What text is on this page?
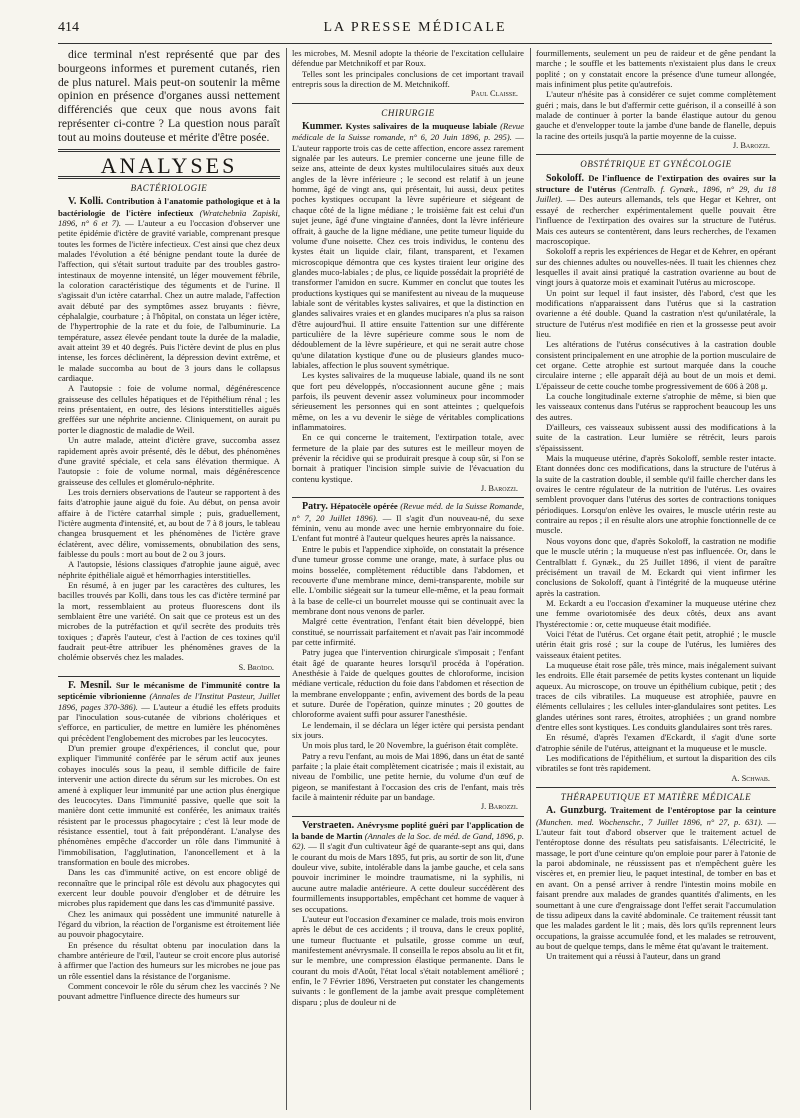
414	LA PRESSE MÉDICALE

dice terminal n'est représenté que par des bourgeons informes et purement cutanés, rien de plus naturel. Mais peut-on soutenir la même opinion en présence d'organes aussi nettement différenciés que ceux que nous avons fait représenter ci-contre ? La question nous paraît tout au moins douteuse et mérite d'être posée.

ANALYSES
BACTÉRIOLOGIE

V. Kolli. Contribution à l'anatomie pathologique et à la bactériologie de l'ictère infectieux (Wratchebnïa Zapiski, 1896, n° 6 et 7). — L'auteur a eu l'occasion d'observer une petite épidémie d'ictère de gravité variable, comprenant presque toutes les formes de l'ictère infectieux. C'est ainsi que chez deux malades l'évolution a été bénigne pendant toute la durée de l'affection, qui s'était surtout traduite par des troubles gastro-intestinaux de moyenne intensité, un léger mouvement fébrile, la coloration caractéristique des téguments et de l'urine. Il s'agissait d'un ictère catarrhal. Chez un autre malade, l'affection avait débuté par des symptômes assez bruyants : fièvre, céphalalgie, courbature ; à l'hôpital, on constata un léger ictère, de l'hypertrophie de la rate et du foie, de l'albuminurie. La température, assez élevée pendant toute la durée de la maladie, avait atteint 39 et 40 degrés. Puis l'ictère devint de plus en plus intense, les forces déclinèrent, la dépression devint extrême, et le malade succomba au bout de 3 jours dans le collapsus cardiaque.

A l'autopsie : foie de volume normal, dégénérescence graisseuse des cellules hépatiques et de l'épithélium rénal ; les reins présentaient, en outre, des lésions interstitielles aiguës greffées sur une néphrite ancienne. Cliniquement, on aurait pu porter le diagnostic de maladie de Weil.

Un autre malade, atteint d'ictère grave, succomba assez rapidement après avoir présenté, dès le début, des phénomènes d'une gravité spéciale, et cela sans élévation thermique. A l'autopsie : foie de volume normal, mais dégénérescence graisseuse des cellules et glomérulo-néphrite.

Les trois derniers observations de l'auteur se rapportent à des faits d'atrophie jaune aiguë du foie. Au début, on pensa avoir affaire à de l'ictère catarrhal simple ; puis, graduellement, l'ictère augmenta d'intensité, et, au bout de 7 à 8 jours, le tableau changea brusquement et les phénomènes de l'ictère grave éclatèrent, avec délire, vomissements, obnubilation des sens, faiblesse du pouls : mort au bout de 2 ou 3 jours.

A l'autopsie, lésions classiques d'atrophie jaune aiguë, avec néphrite épithéliale aiguë et hémorrhagies interstitielles.

En résumé, à en juger par les caractères des cultures, les bacilles trouvés par Kolli, dans tous les cas d'ictère terminé par la mort, ressemblaient au proteus fluorescens dont ils semblaient être une variété. On sait que ce proteus est un des microbes de la putréfaction et qu'il secrète des produits très toxiques ; d'après l'auteur, c'est à l'action de ces toxines qu'il faudrait peut-être attribuer les phénomènes graves de la cholémie observés chez les malades.

S. Broïdo.

F. Mesnil. Sur le mécanisme de l'immunité contre la septicémie vibrionienne (Annales de l'Institut Pasteur, Juillet 1896, pages 370-386). — L'auteur a étudié les effets produits par l'inoculation sous-cutanée de vibrions cholériques et s'efforce, en particulier, de mettre en lumière les phénomènes qui précèdent l'englobement des microbes par les leucocytes.

D'un premier groupe d'expériences, il conclut que, pour expliquer l'immunité conférée par le sérum actif aux jeunes cobayes inoculés sous la peau, il semble difficile de faire intervenir une action directe du sérum sur les microbes. On est amené à expliquer leur immunité par une action plus énergique des leucocytes. Dans l'immunité passive, quelle que soit la manière dont cette immunité est conférée, les animaux traités résistent par le processus phagocytaire ; c'est là leur mode de résistance essentiel, tout à fait prépondérant. L'analyse des phénomènes empêche d'accorder un rôle dans l'immunité à l'immobilisation, l'agglutination, l'anoncellement et à la transformation en boule des microbes.

Dans les cas d'immunité active, on est encore obligé de reconnaître que le principal rôle est dévolu aux phagocytes qui exercent leur double pouvoir d'englober et de détruire les microbes plus rapidement que dans les cas d'immunité passive.

Chez les animaux qui possèdent une immunité naturelle à l'égard du vibrion, la réaction de l'organisme est étroitement liée au pouvoir phagocytaire.

En présence du résultat obtenu par inoculation dans la chambre antérieure de l'œil, l'auteur se croit encore plus autorisé à affirmer que l'action des humeurs sur les microbes ne joue pas un rôle essentiel dans la résistance de l'organisme.

Comment concevoir le rôle du sérum chez les vaccinés ? Ne pouvant admettre l'influence directe des humeurs sur

les microbes, M. Mesnil adopte la théorie de l'excitation cellulaire défendue par Metchnikoff et par Roux.

Telles sont les principales conclusions de cet important travail entrepris sous la direction de M. Metchnikoff.

Paul Claisse.
CHIRURGIE

Kummer. Kystes salivaires de la muqueuse labiale (Revue médicale de la Suisse romande, n° 6, 20 Juin 1896, p. 295). — L'auteur rapporte trois cas de cette affection, encore assez rarement signalée par les auteurs. Le premier concerne une jeune fille de seize ans, atteinte de deux kystes multiloculaires situés aux deux angles de la lèvre inférieure ; le second est relatif à un jeune homme, âgé de vingt ans, qui présentait, lui aussi, deux petites poches kystiques occupant la lèvre supérieure et siégeant de chaque côté de la ligne médiane ; le troisième fait est celui d'un sujet jeune, âgé d'une vingtaine d'années, dont la lèvre inférieure offrait, à gauche de la ligne médiane, une petite tumeur liquide du volume d'une noisette. Chez ces trois individus, le contenu des kystes était un liquide clair, filant, transparent, et l'examen microscopique démontra que ces kystes tiraient leur origine des glandes muco-labiales ; de plus, ce liquide possédait la propriété de transformer l'amidon en sucre. Kummer en conclut que toutes les productions kystiques qui se manifestent au niveau de la muqueuse labiale sont de véritables kystes salivaires, et que la distinction en glandes salivaires vraies et en glandes mucipares n'a plus sa raison d'être aujourd'hui. Il attire ensuite l'attention sur une différente particulière de la lèvre supérieure comme sous le nom de dédoublement de la lèvre supérieure, et qui ne serait autre chose qu'une dilatation kystique d'une ou de plusieurs glandes muco-labiales, affection le plus souvent symétrique.

Les kystes salivaires de la muqueuse labiale, quand ils ne sont que fort peu développés, n'occasionnent aucune gêne ; mais parfois, ils peuvent devenir assez volumineux pour incommoder sérieusement les personnes qui en sont atteintes ; quelquefois même, on les a vu devenir le siège de véritables complications inflammatoires.

En ce qui concerne le traitement, l'extirpation totale, avec fermeture de la plaie par des sutures est le meilleur moyen de prévenir la récidive qui se produirait presque à coup sûr, si l'on se bornait à pratiquer l'incision simple suivie de l'évacuation du contenu kystique.

J. Barozzi.

Patry. Hépatocèle opérée (Revue méd. de la Suisse Romande, n° 7, 20 Juillet 1896). — Il s'agit d'un nouveau-né, du sexe féminin, venu au monde avec une hernie embryonnaire du foie. L'enfant fut montré à l'auteur quelques heures après la naissance.

Entre le pubis et l'appendice xiphoïde, on constatait la présence d'une tumeur grosse comme une orange, mate, à surface plus ou moins bosselée, complètement réductible dans l'abdomen, et recouverte d'une membrane mince, demi-transparente, mobile sur elle. L'ombilic siégeait sur la tumeur elle-même, et la peau formait à la base de celle-ci un bourrelet mousse qui se continuait avec la membrane dont nous venons de parler.

Malgré cette éventration, l'enfant était bien développé, bien constitué, se nourrissait parfaitement et n'avait pas l'air incommodé par cette infirmité.

Patry jugea que l'intervention chirurgicale s'imposait ; l'enfant était âgé de quarante heures lorsqu'il procéda à l'opération. Anesthésie à l'aide de quelques gouttes de chloroforme, incision médiane verticale, réduction du foie dans l'abdomen et résection de la membrane enveloppante ; enfin, avivement des bords de la peau et suture. Durée de l'opération, quinze minutes ; 20 gouttes de chloroforme avaient suffi pour assurer l'anesthésie.

Le lendemain, il se déclara un léger ictère qui persista pendant six jours.

Un mois plus tard, le 20 Novembre, la guérison était complète.

Patry a revu l'enfant, au mois de Mai 1896, dans un état de santé parfaite ; la plaie était complètement cicatrisée ; mais il existait, au niveau de l'ombilic, une petite hernie, du volume d'un œuf de pigeon, se manifestant à l'occasion des cris de l'enfant, mais très facile à maintenir réduite par un bandage.

J. Barozzi.

Verstraeten. Anévrysme poplité guéri par l'application de la bande de Martin (Annales de la Soc. de méd. de Gand, 1896, p. 62). — Il s'agit d'un cultivateur âgé de quarante-sept ans qui, dans le courant du mois de Mars 1895, fut pris, au sortir de son lit, d'une douleur vive, subite, intolérable dans la jambe gauche, et cela sans pouvoir incriminer le moindre traumatisme, ni la syphilis, ni aucune autre maladie antérieure. A cette douleur succédèrent des fourmillements insupportables, empêchant cet homme de vaquer à ses occupations.

L'auteur eut l'occasion d'examiner ce malade, trois mois environ après le début de ces accidents ; il trouva, dans le creux poplité, une tumeur fluctuante et pulsatile, grosse comme un œuf, manifestement anévrysmale. Il conseilla le repos absolu au lit et fit, sur le membre, une compression élastique permanente. Dans le courant du mois d'Août, l'état local s'était notablement amélioré ; enfin, le 7 Février 1896, Verstraeten put constater les changements suivants : le gonflement de la jambe avait presque complètement disparu ; plus de douleur ni de

fourmillements, seulement un peu de raideur et de gêne pendant la marche ; le souffle et les battements n'existaient plus dans le creux poplité ; on y constatait encore la présence d'une tumeur allongée, mais infiniment plus petite qu'autrefois.

L'auteur n'hésite pas à considérer ce sujet comme complètement guéri ; mais, dans le but d'affermir cette guérison, il a conseillé à son malade de continuer à porter la bande élastique autour du genou gauche et d'envelopper toute la jambe d'une bande de flanelle, depuis la racine des orteils jusqu'à la partie moyenne de la cuisse.

J. Barozzi.
OBSTÉTRIQUE ET GYNÉCOLOGIE

Sokoloff. De l'influence de l'extirpation des ovaires sur la structure de l'utérus (Centralb. f. Gynæk., 1896, n° 29, du 18 Juillet). — Des auteurs allemands, tels que Hegar et Kehrer, ont essayé de rechercher expérimentalement quelle pouvait être l'influence de l'extirpation des ovaires sur la structure de l'utérus. Mais ces auteurs se contentèrent, dans leurs recherches, de l'examen macroscopique.

Sokoloff a repris les expériences de Hegar et de Kehrer, en opérant sur des chiennes adultes ou nouvelles-nées. Il tuait les chiennes chez lesquelles il avait ainsi pratiqué la castration ovarienne au bout de vingt jours à quatorze mois et examinait l'utérus au microscope.

Un point sur lequel il faut insister, dès l'abord, c'est que les modifications n'apparaissent dans l'utérus que si la castration ovarienne a été double. Quand la castration n'est qu'unilatérale, la structure de l'utérus n'est modifiée en rien et la grossesse peut avoir lieu.

Les altérations de l'utérus consécutives à la castration double consistent principalement en une atrophie de la portion musculaire de cet organe. Cette atrophie est surtout marquée dans la couche circulaire interne ; elle apparaît déjà au bout de un mois et demi. L'épaisseur de cette couche tombe progressivement de 606 à 208 μ.

La couche longitudinale externe s'atrophie de même, si bien que les vaisseaux contenus dans l'utérus se rapprochent beaucoup les uns des autres.

D'ailleurs, ces vaisseaux subissent aussi des modifications à la suite de la castration. Leur lumière se rétrécit, leurs parois s'épaississent.

Mais la muqueuse utérine, d'après Sokoloff, semble rester intacte. Etant données donc ces modifications, dans la structure de l'utérus à la suite de la castration double, il semble qu'il faille chercher dans les ovaires le centre régulateur de la nutrition de l'utérus. Les ovaires semblent provoquer dans l'utérus des sortes de contractions toniques périodiques. Lorsqu'on enlève les ovaires, le muscle utérin reste au contraire au repos ; il en résulte alors une atrophie fonctionnelle de ce muscle.

Nous voyons donc que, d'après Sokoloff, la castration ne modifie que le muscle utérin ; la muqueuse n'est pas influencée. Or, dans le Centralblatt f. Gynæk., du 25 Juillet 1896, il vient de paraître précisément un travail de M. Eckardt qui vient infirmer les conclusions de Sokoloff, quant à l'intégrité de la muqueuse utérine après la castration.

M. Eckardt a eu l'occasion d'examiner la muqueuse utérine chez une femme ovariotomisée des deux côtés, deux ans avant l'hystérectomie : or, cette muqueuse était modifiée.

Voici l'état de l'utérus. Cet organe était petit, atrophié ; le muscle utérin était gris rosé ; sur la coupe de l'utérus, les lumières des vaisseaux étaient petites.

La muqueuse était rose pâle, très mince, mais inégalement suivant les endroits. Elle était parsemée de petits kystes contenant un liquide aqueux. Au microscope, on trouve un épithélium cubique, petit ; des traces de cils vibratiles. La muqueuse est atrophiée, pauvre en éléments cellulaires ; les cellules inter-glandulaires sont petites. Les glandes utérines sont rares, étroites, atrophiées ; un grand nombre d'entre elles sont kystiques. Les conduits glandulaires sont très rares.

En résumé, d'après l'examen d'Eckardt, il s'agit d'une sorte d'atrophie sénile de l'utérus, atteignant et la muqueuse et le muscle.

Les modifications de l'épithélium, et surtout la disparition des cils vibratiles se font très rapidement.

A. Schwab.
THÉRAPEUTIQUE ET MATIÈRE MÉDICALE

A. Gunzburg. Traitement de l'entéroptose par la ceinture (Munchen. med. Wochenschr., 7 Juillet 1896, n° 27, p. 631). — L'auteur fait tout d'abord observer que le traitement actuel de l'entéroptose donne des résultats peu satisfaisants. L'électricité, le massage, le port d'une ceinture qu'on emploie pour parer à l'atonie de la paroi abdominale, ne réussissent pas et n'empêchent guère les viscères et, en premier lieu, le paquet intestinal, de tomber en bas et en avant. On a pensé arriver à rendre l'intestin moins mobile en faisant prendre aux malades de grandes quantités d'aliments, en les soumettant à une cure d'engraissage dont l'effet serait l'accumulation de tissu adipeux dans la cavité abdominale. Ce traitement réussit tant que les malades gardent le lit ; mais, dès lors qu'ils reprennent leurs occupations, la graisse accumulée fond, et les malades se retrouvent, au bout de quelque temps, dans le même état qu'avant le traitement.

Un traitement qui a réussi à l'auteur, dans un grand
